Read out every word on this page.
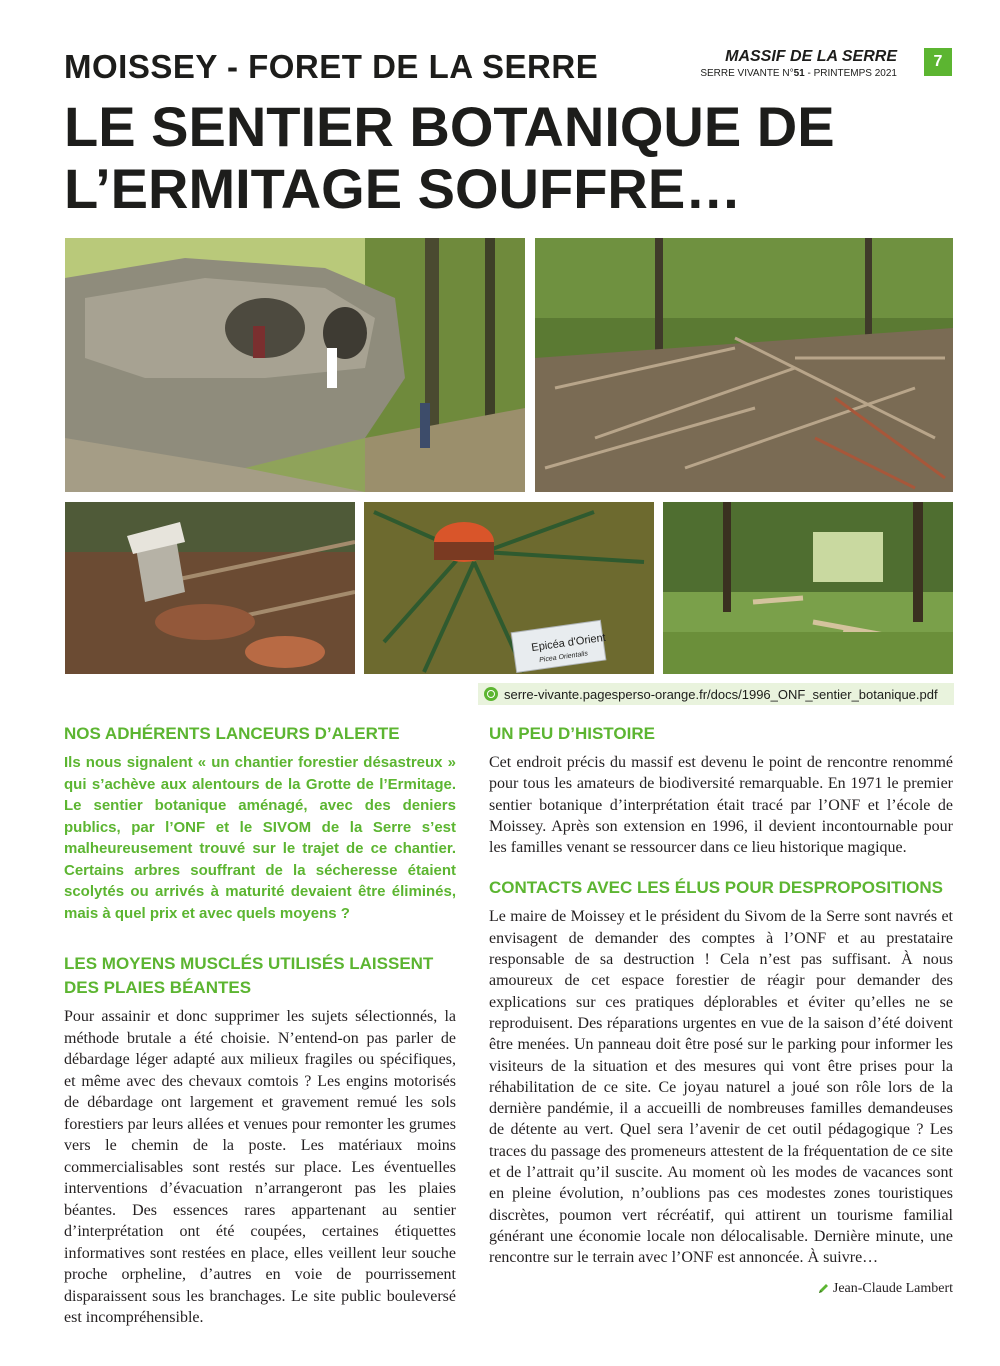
MOISSEY - FORET DE LA SERRE
LE SENTIER BOTANIQUE DE L’ERMITAGE SOUFFRE…
MASSIF DE LA SERRE
SERRE VIVANTE N°51 - PRINTEMPS 2021
7
Epicéa d'Orient
Picea Orientalis
serre-vivante.pagesperso-orange.fr/docs/1996_ONF_sentier_botanique.pdf
NOS ADHÉRENTS LANCEURS D’ALERTE

Ils nous signalent « un chantier forestier désastreux » qui s’achève aux alentours de la Grotte de l’Ermitage. Le sentier botanique aménagé, avec des deniers publics, par l’ONF et le SIVOM de la Serre s’est malheureusement trouvé sur le trajet de ce chantier. Certains arbres souffrant de la sécheresse étaient scolytés ou arrivés à maturité devaient être éliminés, mais à quel prix et avec quels moyens ?

LES MOYENS MUSCLÉS UTILISÉS LAISSENT DES PLAIES BÉANTES

Pour assainir et donc supprimer les sujets sélectionnés, la méthode brutale a été choisie. N’entend-on pas parler de débardage léger adapté aux milieux fragiles ou spécifiques, et même avec des chevaux comtois ? Les engins motorisés de débardage ont largement et gravement remué les sols forestiers par leurs allées et venues pour remonter les grumes vers le chemin de la poste. Les matériaux moins commercialisables sont restés sur place. Les éventuelles interventions d’évacuation n’arrangeront pas les plaies béantes. Des essences rares appartenant au sentier d’interprétation ont été coupées, certaines étiquettes informatives sont restées en place, elles veillent leur souche proche orpheline, d’autres en voie de pourrissement disparaissent sous les branchages. Le site public bouleversé est incompréhensible.

UN PEU D’HISTOIRE

Cet endroit précis du massif est devenu le point de rencontre renommé pour tous les amateurs de biodiversité remarquable. En 1971 le premier sentier botanique d’interprétation était tracé par l’ONF et l’école de Moissey. Après son extension en 1996, il devient incontournable pour les familles venant se ressourcer dans ce lieu historique magique.

CONTACTS AVEC LES ÉLUS POUR DESPROPOSITIONS

Le maire de Moissey et le président du Sivom de la Serre sont navrés et envisagent de demander des comptes à l’ONF et au prestataire responsable de sa destruction ! Cela n’est pas suffisant. À nous amoureux de cet espace forestier de réagir pour demander des explications sur ces pratiques déplorables et éviter qu’elles ne se reproduisent. Des réparations urgentes en vue de la saison d’été doivent être menées. Un panneau doit être posé sur le parking pour informer les visiteurs de la situation et des mesures qui vont être prises pour la réhabilitation de ce site. Ce joyau naturel a joué son rôle lors de la dernière pandémie, il a accueilli de nombreuses familles demandeuses de détente au vert. Quel sera l’avenir de cet outil pédagogique ? Les traces du passage des promeneurs attestent de la fréquentation de ce site et de l’attrait qu’il suscite. Au moment où les modes de vacances sont en pleine évolution, n’oublions pas ces modestes zones touristiques discrètes, poumon vert récréatif, qui attirent un tourisme familial générant une économie locale non délocalisable. Dernière minute, une rencontre sur le terrain avec l’ONF est annoncée. À suivre…

Jean-Claude Lambert
